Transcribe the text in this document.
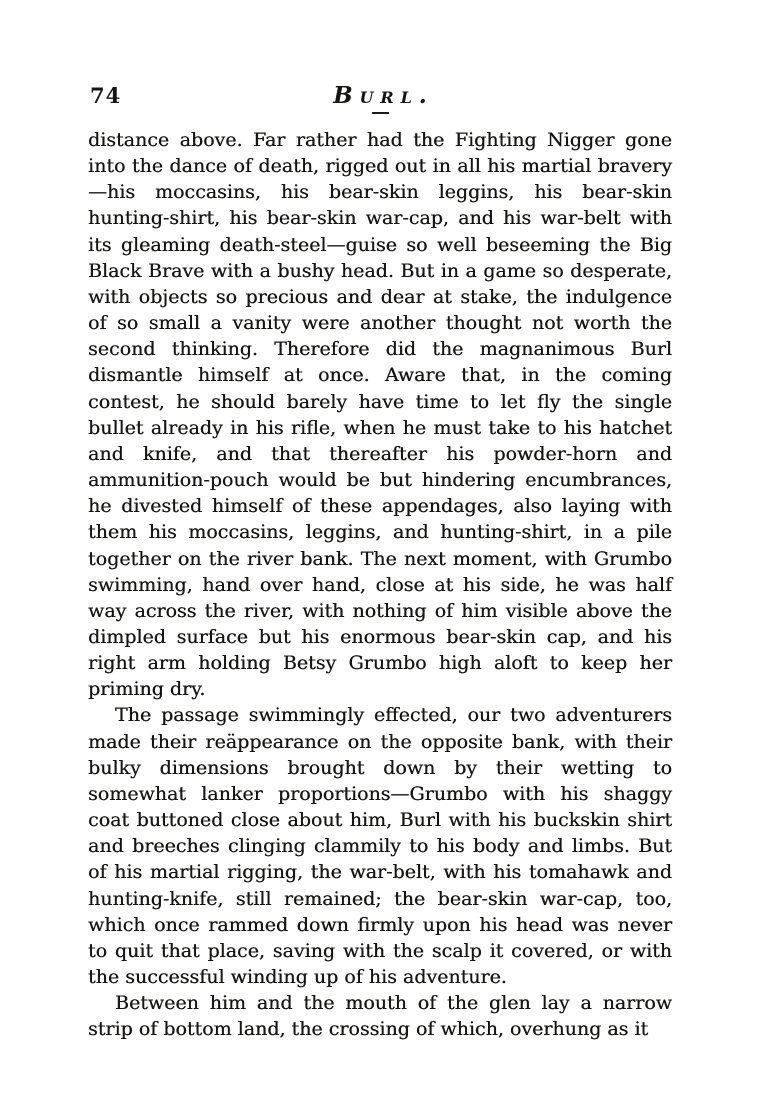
74	Burl.

distance above. Far rather had the Fighting Nigger gone into the dance of death, rigged out in all his martial bravery—his moccasins, his bear-skin leggins, his bear-skin hunting-shirt, his bear-skin war-cap, and his war-belt with its gleaming death-steel—guise so well beseeming the Big Black Brave with a bushy head. But in a game so desperate, with objects so precious and dear at stake, the indulgence of so small a vanity were another thought not worth the second thinking. Therefore did the magnanimous Burl dismantle himself at once. Aware that, in the coming contest, he should barely have time to let fly the single bullet already in his rifle, when he must take to his hatchet and knife, and that thereafter his powder-horn and ammunition-pouch would be but hindering encumbrances, he divested himself of these appendages, also laying with them his moccasins, leggins, and hunting-shirt, in a pile together on the river bank. The next moment, with Grumbo swimming, hand over hand, close at his side, he was half way across the river, with nothing of him visible above the dimpled surface but his enormous bear-skin cap, and his right arm holding Betsy Grumbo high aloft to keep her priming dry.

The passage swimmingly effected, our two adventurers made their reäppearance on the opposite bank, with their bulky dimensions brought down by their wetting to somewhat lanker proportions—Grumbo with his shaggy coat buttoned close about him, Burl with his buckskin shirt and breeches clinging clammily to his body and limbs. But of his martial rigging, the war-belt, with his tomahawk and hunting-knife, still remained; the bear-skin war-cap, too, which once rammed down firmly upon his head was never to quit that place, saving with the scalp it covered, or with the successful winding up of his adventure.

Between him and the mouth of the glen lay a narrow strip of bottom land, the crossing of which, overhung as it
